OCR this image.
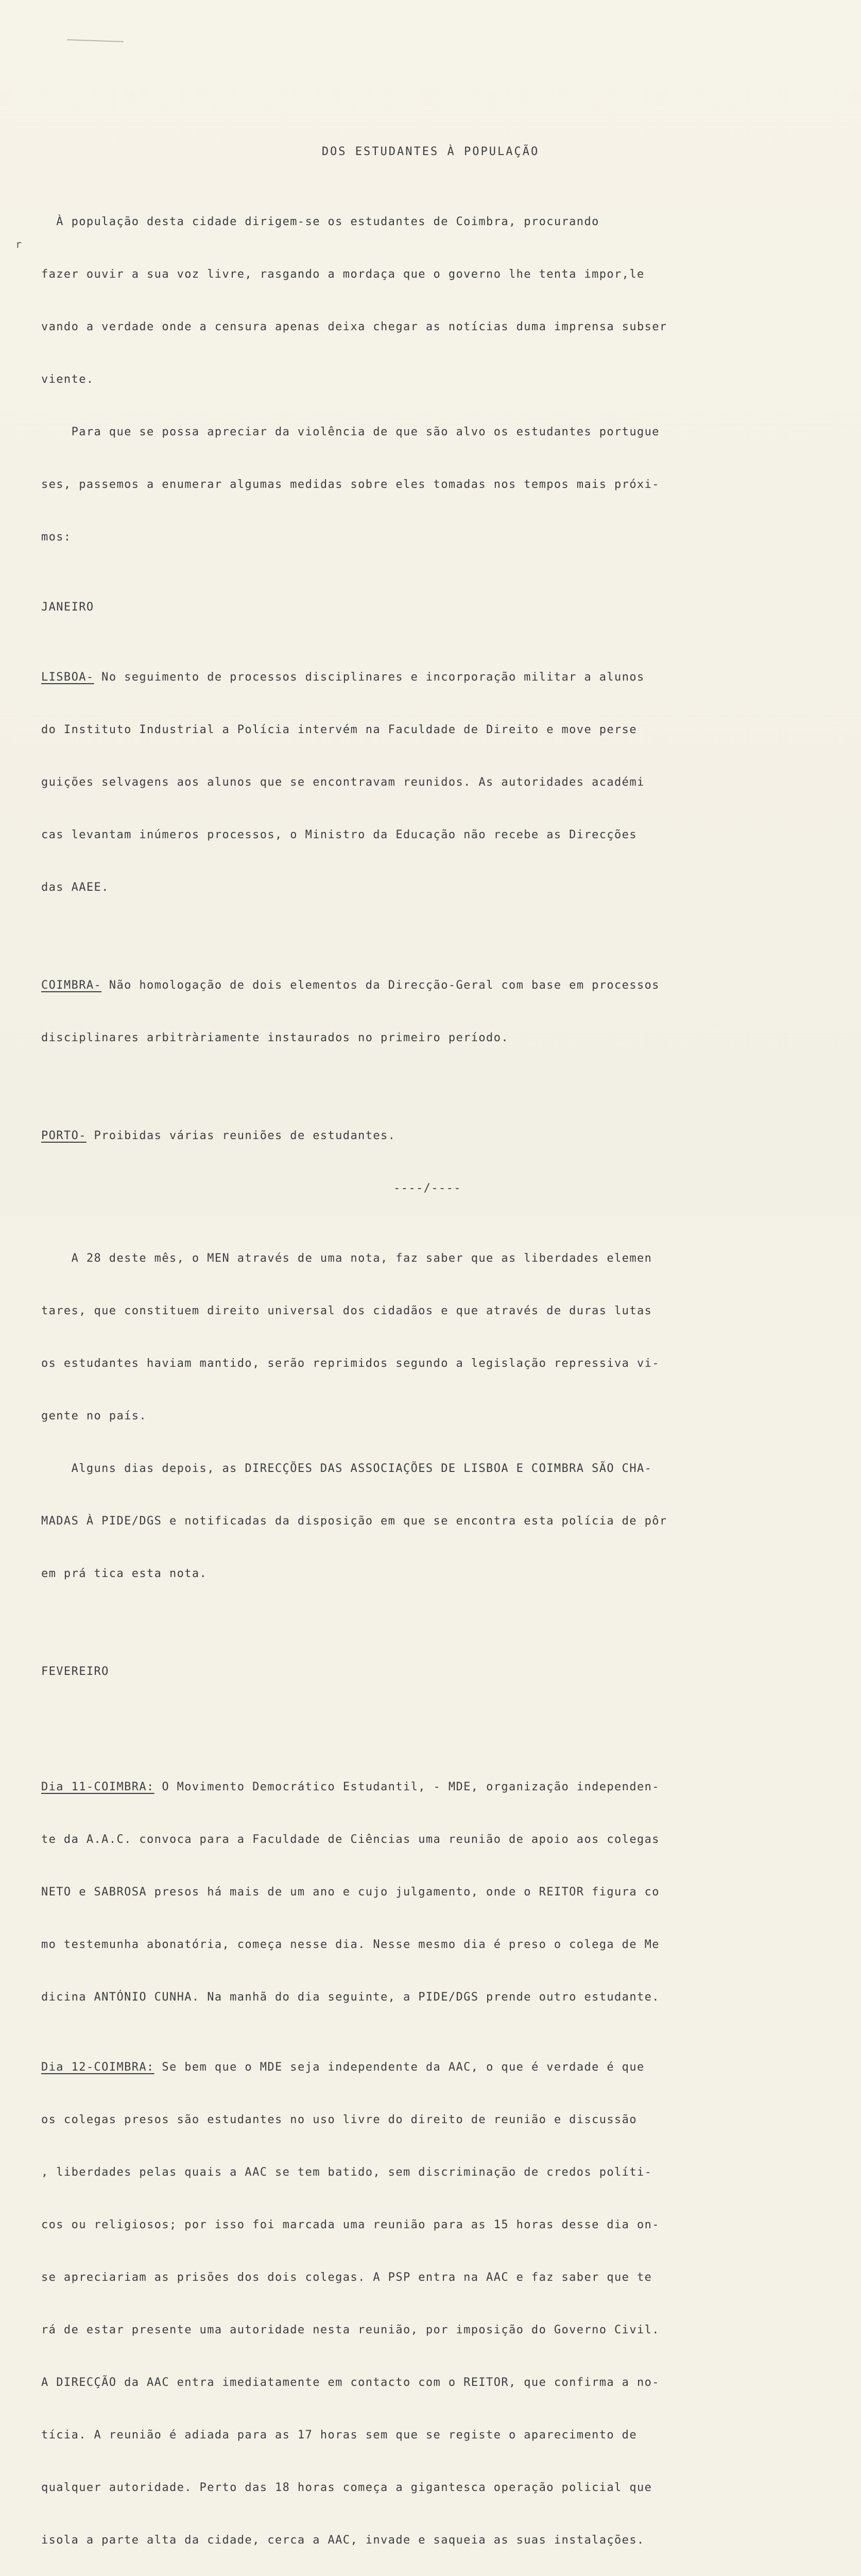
r
DOS ESTUDANTES À POPULAÇÃO

À população desta cidade dirigem-se os estudantes de Coimbra, procurando

fazer ouvir a sua voz livre, rasgando a mordaça que o governo lhe tenta impor,le

vando a verdade onde a censura apenas deixa chegar as notícias duma imprensa subser

viente.

Para que se possa apreciar da violência de que são alvo os estudantes portugue

ses, passemos a enumerar algumas medidas sobre eles tomadas nos tempos mais próxi-

mos:

JANEIRO

LISBOA- No seguimento de processos disciplinares e incorporação militar a alunos

do Instituto Industrial a Polícia intervém na Faculdade de Direito e move perse

guições selvagens aos alunos que se encontravam reunidos. As autoridades académi

cas levantam inúmeros processos, o Ministro da Educação não recebe as Direcções

das AAEE.

COIMBRA- Não homologação de dois elementos da Direcção-Geral com base em processos

disciplinares arbitràriamente instaurados no primeiro período.

PORTO- Proibidas várias reuniões de estudantes.

----/----

A 28 deste mês, o MEN através de uma nota, faz saber que as liberdades elemen

tares, que constituem direito universal dos cidadãos e que através de duras lutas

os estudantes haviam mantido, serão reprimidos segundo a legislação repressiva vi-

gente no país.

Alguns dias depois, as DIRECÇÕES DAS ASSOCIAÇÕES DE LISBOA E COIMBRA SÃO CHA-

MADAS À PIDE/DGS e notificadas da disposição em que se encontra esta polícia de pôr

em prá tica esta nota.

FEVEREIRO

Dia 11-COIMBRA: O Movimento Democrático Estudantil, - MDE, organização independen-

te da A.A.C. convoca para a Faculdade de Ciências uma reunião de apoio aos colegas

NETO e SABROSA presos há mais de um ano e cujo julgamento, onde o REITOR figura co

mo testemunha abonatória, começa nesse dia. Nesse mesmo dia é preso o colega de Me

dicina ANTÓNIO CUNHA. Na manhã do dia seguinte, a PIDE/DGS prende outro estudante.

Dia 12-COIMBRA: Se bem que o MDE seja independente da AAC, o que é verdade é que

os colegas presos são estudantes no uso livre do direito de reunião e discussão

, liberdades pelas quais a AAC se tem batido, sem discriminação de credos políti-

cos ou religiosos; por isso foi marcada uma reunião para as 15 horas desse dia on-

se apreciariam as prisões dos dois colegas. A PSP entra na AAC e faz saber que te

rá de estar presente uma autoridade nesta reunião, por imposição do Governo Civil.

A DIRECÇÃO da AAC entra imediatamente em contacto com o REITOR, que confirma a no-

tícia. A reunião é adiada para as 17 horas sem que se registe o aparecimento de

qualquer autoridade. Perto das 18 horas começa a gigantesca operação policial que

isola a parte alta da cidade, cerca a AAC, invade e saqueia as suas instalações.
